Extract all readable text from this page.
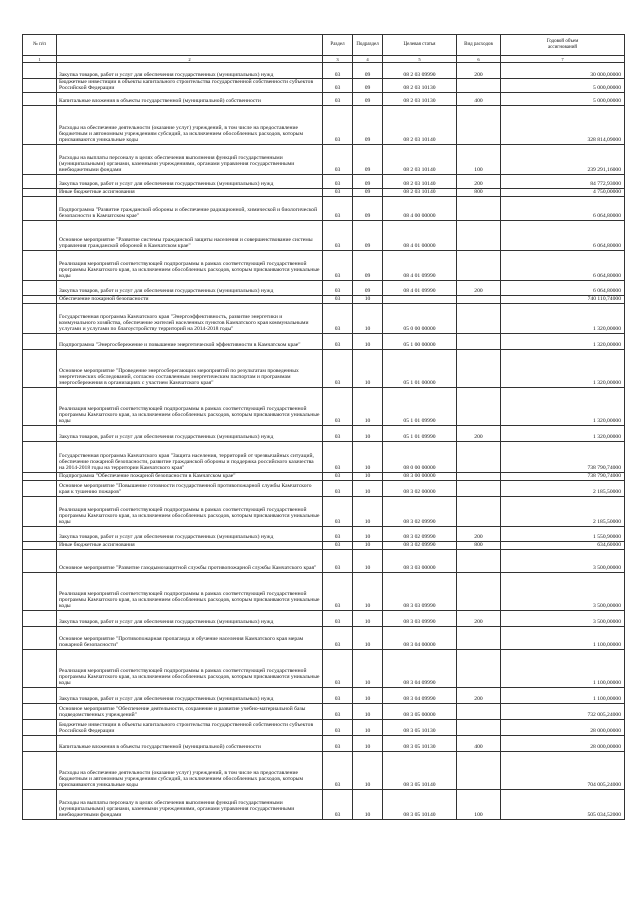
№ п/п		Раздел	Подраздел	Целевая статья	Вид расходов	Годовой объем
ассигнований

1	2	3	4	5	6	7
	Закупка товаров, работ и услуг для обеспечения государственных (муниципальных) нужд	03	09	08 2 03 09990	200	30 000,00000
	Бюджетные инвестиции в объекты капитального строительства государственной собственности субъектов Российской Федерации	03	09	08 2 03 10130		5 000,00000
	Капитальные вложения в объекты государственной (муниципальной) собственности	03	09	08 2 03 10130	400	5 000,00000
	Расходы на обеспечение деятельности (оказание услуг) учреждений, в том числе на предоставление бюджетным и автономным учреждениям субсидий, за исключением обособленных расходов, которым присваиваются уникальные коды	03	09	08 2 03 10140		328 814,09000
	Расходы на выплаты персоналу в целях обеспечения выполнения функций государственными (муниципальными) органами, казенными учреждениями, органами управления государственными внебюджетными фондами	03	09	08 2 03 10140	100	239 291,16000
	Закупка товаров, работ и услуг для обеспечения государственных (муниципальных) нужд	03	09	08 2 03 10140	200	84 772,93000
	Иные бюджетные ассигнования	03	09	08 2 03 10140	800	4 750,00000
	Подпрограмма "Развитие гражданской обороны и обеспечение радиационной, химической и биологической безопасности в Камчатском крае"	03	09	08 4 00 00000		6 064,80000
	Основное мероприятие "Развитие системы гражданской защиты населения и совершенствование системы управления гражданской обороной в Камчатском крае"	03	09	08 4 01 00000		6 064,80000
	Реализация мероприятий соответствующей подпрограммы в рамках соответствующей государственной программы Камчатского края, за исключением обособленных расходов, которым присваиваются уникальные коды	03	09	08 4 01 09990		6 064,80000
	Закупка товаров, работ и услуг для обеспечения государственных (муниципальных) нужд	03	09	08 4 01 09990	200	6 064,80000
	Обеспечение пожарной безопасности	03	10			740 110,74000
	Государственная программа Камчатского края "Энергоэффективность, развитие энергетики и коммунального хозяйства, обеспечение жителей населенных пунктов Камчатского края коммунальными услугами и услугами по благоустройству территорий на 2014-2018 годы"	03	10	05 0 00 00000		1 320,00000
	Подпрограмма "Энергосбережение и повышение энергетической эффективности в Камчатском крае"	03	10	05 1 00 00000		1 320,00000
	Основное мероприятие "Проведение энергосберегающих мероприятий по результатам проведенных энергетических обследований, согласно составленным энергетическим паспортам и программам энергосбережения в организациях с участием Камчатского края"	03	10	05 1 01 00000		1 320,00000
	Реализация мероприятий соответствующей подпрограммы в рамках соответствующей государственной программы Камчатского края, за исключением обособленных расходов, которым присваиваются уникальные коды	03	10	05 1 01 09990		1 320,00000
	Закупка товаров, работ и услуг для обеспечения государственных (муниципальных) нужд	03	10	05 1 01 09990	200	1 320,00000
	Государственная программа Камчатского края "Защита населения, территорий от чрезвычайных ситуаций, обеспечение пожарной безопасности, развитие гражданской обороны и поддержка российского казачества на 2014-2018 годы на территории Камчатского края"	03	10	08 0 00 00000		738 790,74000
	Подпрограмма "Обеспечение пожарной безопасности в Камчатском крае"	03	10	08 3 00 00000		738 790,74000
	Основное мероприятие "Повышение готовности государственной противопожарной службы Камчатского края к тушению пожаров"	03	10	08 3 02 00000		2 185,50000
	Реализация мероприятий соответствующей подпрограммы в рамках соответствующей государственной программы Камчатского края, за исключением обособленных расходов, которым присваиваются уникальные коды	03	10	08 3 02 09990		2 185,50000
	Закупка товаров, работ и услуг для обеспечения государственных (муниципальных) нужд	03	10	08 3 02 09990	200	1 550,90000
	Иные бюджетные ассигнования	03	10	08 3 02 09990	800	634,60000
	Основное мероприятие "Развитие газодымозащитной службы противопожарной службы Камчатского края"	03	10	08 3 03 00000		3 500,00000
	Реализация мероприятий соответствующей подпрограммы в рамках соответствующей государственной программы Камчатского края, за исключением обособленных расходов, которым присваиваются уникальные коды	03	10	08 3 03 09990		3 500,00000
	Закупка товаров, работ и услуг для обеспечения государственных (муниципальных) нужд	03	10	08 3 03 09990	200	3 500,00000
	Основное мероприятие "Противопожарная пропаганда и обучение населения Камчатского края мерам пожарной безопасности"	03	10	08 3 04 00000		1 100,00000
	Реализация мероприятий соответствующей подпрограммы в рамках соответствующей государственной программы Камчатского края, за исключением обособленных расходов, которым присваиваются уникальные коды	03	10	08 3 04 09990		1 100,00000
	Закупка товаров, работ и услуг для обеспечения государственных (муниципальных) нужд	03	10	08 3 04 09990	200	1 100,00000
	Основное мероприятие "Обеспечение деятельности, сохранение и развитие учебно-материальной базы подведомственных учреждений"	03	10	08 3 05 00000		732 005,24000
	Бюджетные инвестиции в объекты капитального строительства государственной собственности субъектов Российской Федерации	03	10	08 3 05 10130		28 000,00000
	Капитальные вложения в объекты государственной (муниципальной) собственности	03	10	08 3 05 10130	400	28 000,00000
	Расходы на обеспечение деятельности (оказание услуг) учреждений, в том числе на предоставление бюджетным и автономным учреждениям субсидий, за исключением обособленных расходов, которым присваиваются уникальные коды	03	10	08 3 05 10140		704 005,24000
	Расходы на выплаты персоналу в целях обеспечения выполнения функций государственными (муниципальными) органами, казенными учреждениями, органами управления государственными внебюджетными фондами	03	10	08 3 05 10140	100	505 034,52000
